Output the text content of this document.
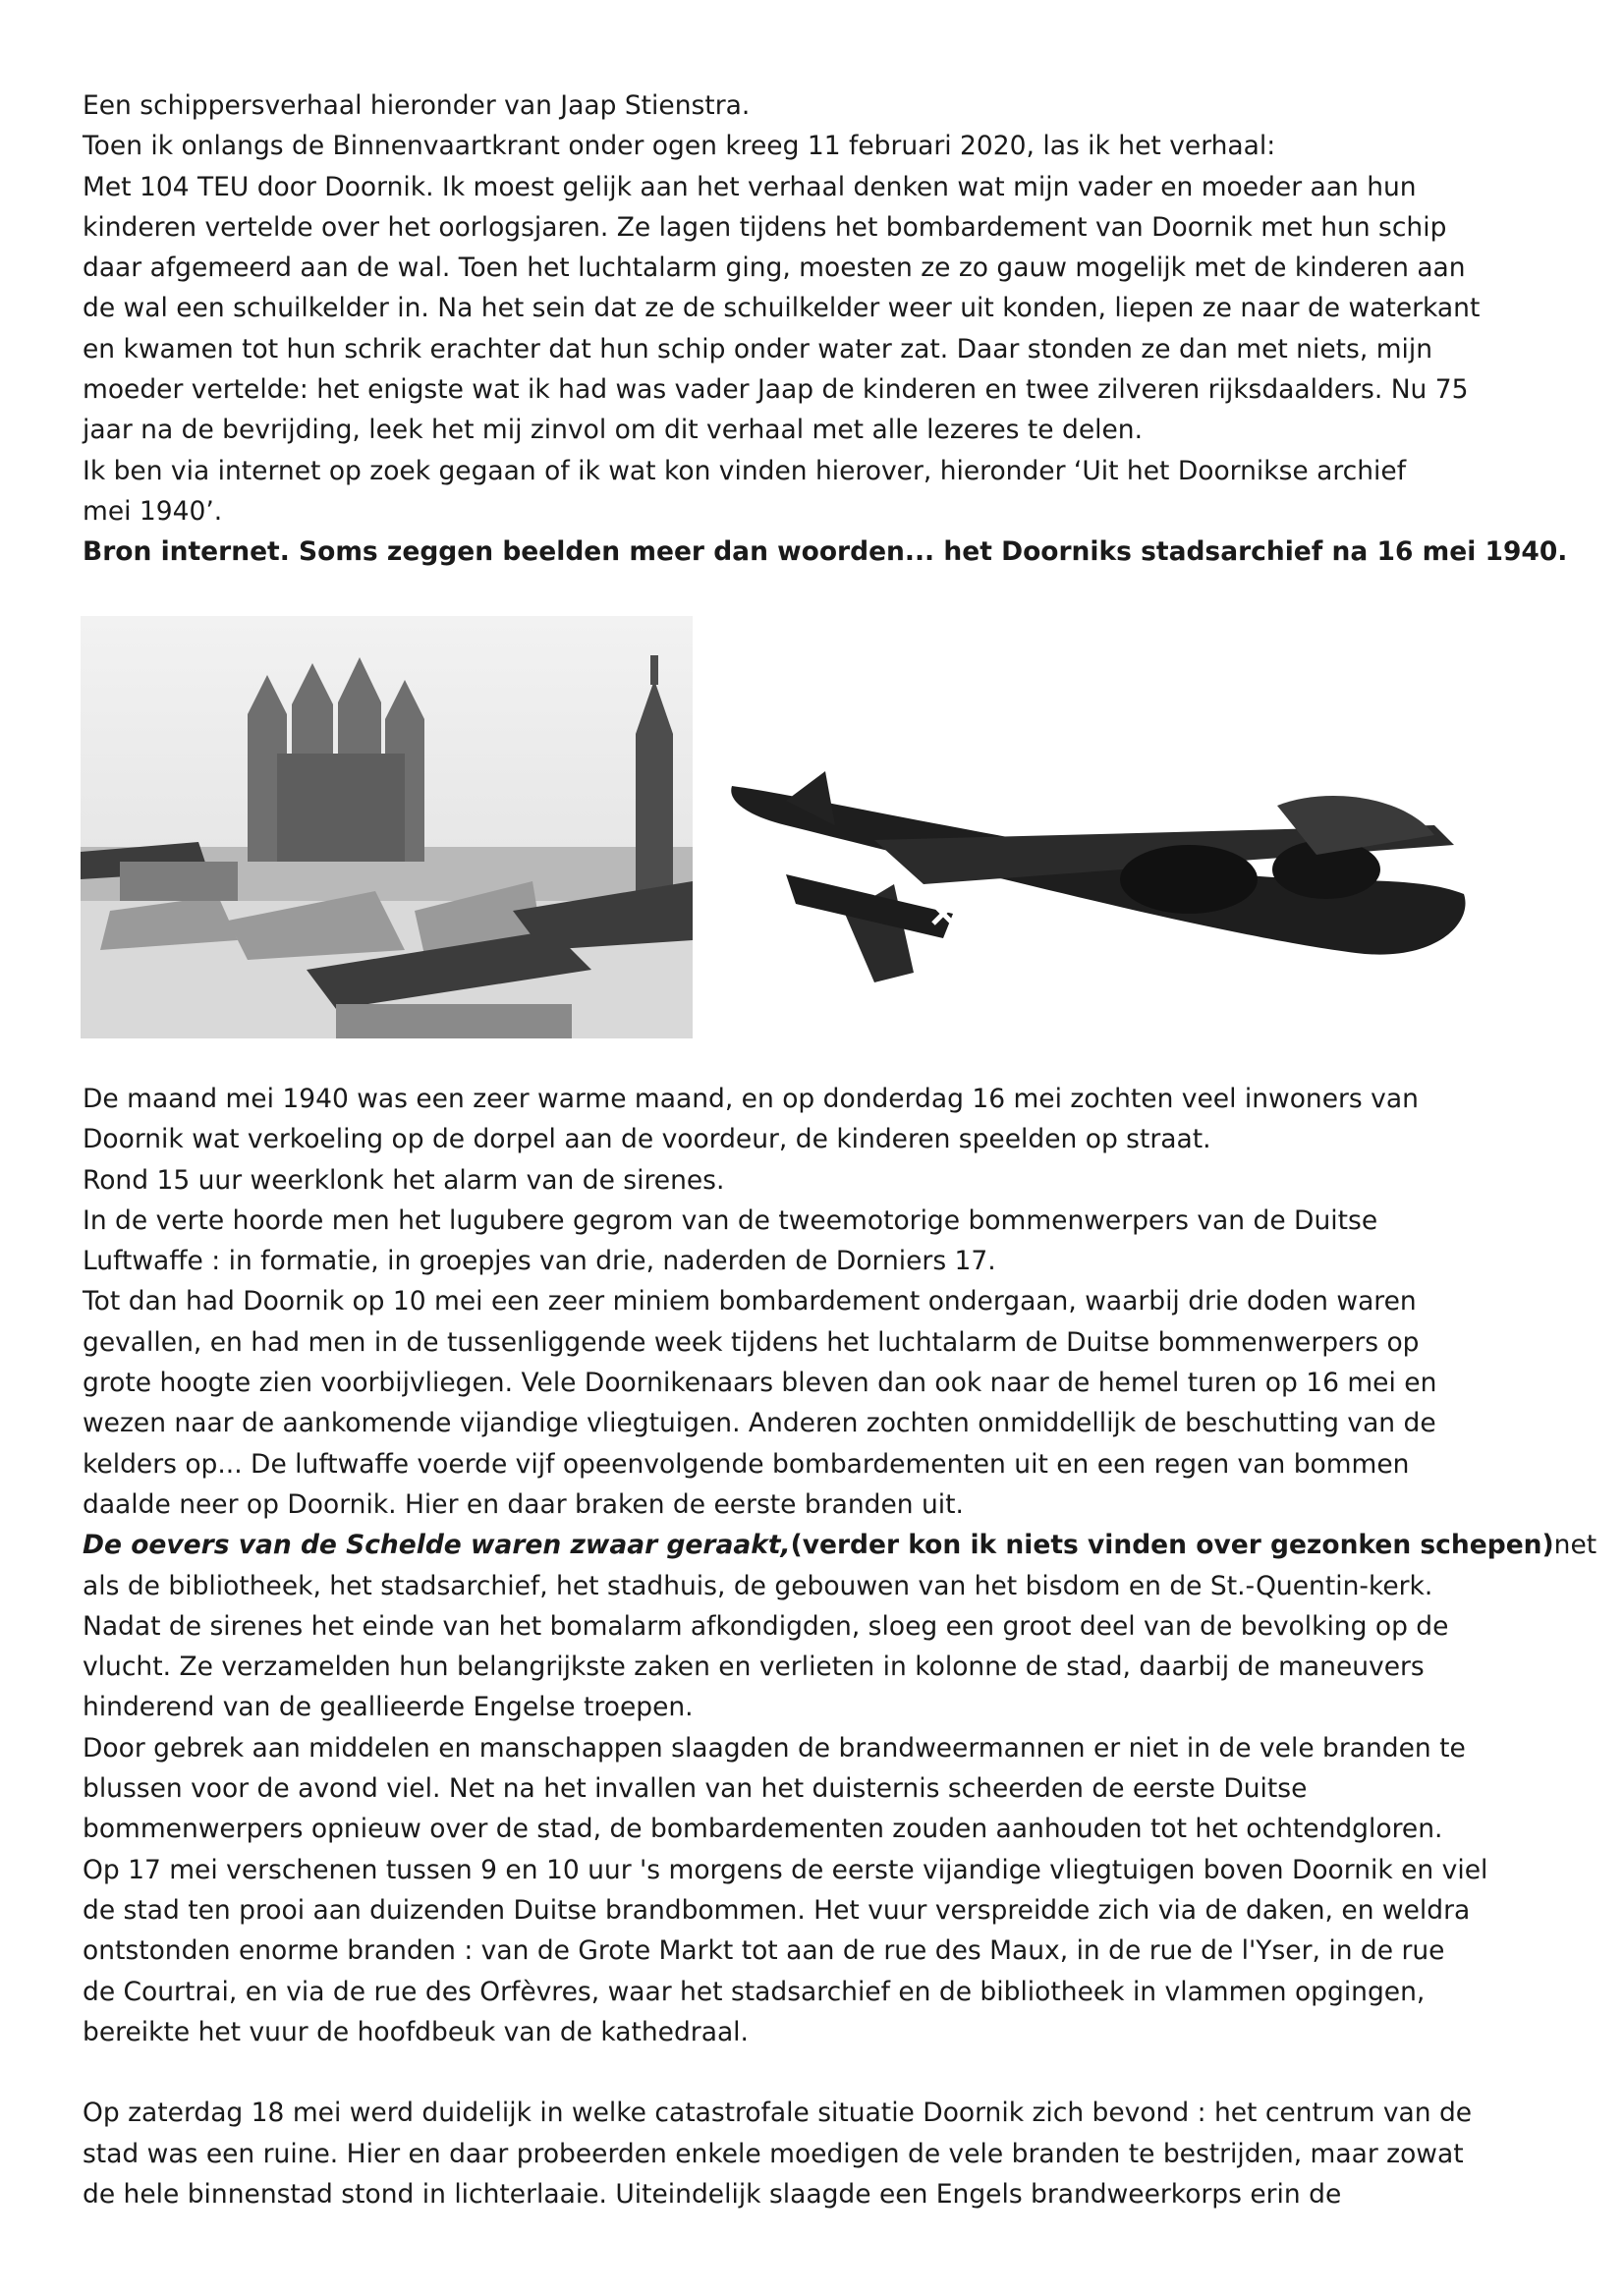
Een schippersverhaal hieronder van Jaap Stienstra.
Toen ik onlangs de Binnenvaartkrant onder ogen kreeg 11 februari 2020, las ik het verhaal:
Met 104 TEU door Doornik. Ik moest gelijk aan het verhaal denken wat mijn vader en moeder aan hun
kinderen vertelde over het oorlogsjaren. Ze lagen tijdens het bombardement van Doornik met hun schip
daar afgemeerd aan de wal. Toen het luchtalarm ging, moesten ze zo gauw mogelijk met de kinderen aan
de wal een schuilkelder in. Na het sein dat ze de schuilkelder weer uit konden, liepen ze naar de waterkant
en kwamen tot hun schrik erachter dat hun schip onder water zat. Daar stonden ze dan met niets, mijn
moeder vertelde: het enigste wat ik had was vader Jaap de kinderen en twee zilveren rijksdaalders. Nu 75
jaar na de bevrijding, leek het mij zinvol om dit verhaal met alle lezeres te delen.
Ik ben via internet op zoek gegaan of ik wat kon vinden hierover, hieronder ‘Uit het Doornikse archief
mei 1940’.
Bron internet. Soms zeggen beelden meer dan woorden... het Doorniks stadsarchief na 16 mei 1940.
De maand mei 1940 was een zeer warme maand, en op donderdag 16 mei zochten veel inwoners van
Doornik wat verkoeling op de dorpel aan de voordeur, de kinderen speelden op straat.
Rond 15 uur weerklonk het alarm van de sirenes.
In de verte hoorde men het lugubere gegrom van de tweemotorige bommenwerpers van de Duitse
Luftwaffe : in formatie, in groepjes van drie, naderden de Dorniers 17.
Tot dan had Doornik op 10 mei een zeer miniem bombardement ondergaan, waarbij drie doden waren
gevallen, en had men in de tussenliggende week tijdens het luchtalarm de Duitse bommenwerpers op
grote hoogte zien voorbijvliegen. Vele Doornikenaars bleven dan ook naar de hemel turen op 16 mei en
wezen naar de aankomende vijandige vliegtuigen. Anderen zochten onmiddellijk de beschutting van de
kelders op... De luftwaffe voerde vijf opeenvolgende bombardementen uit en een regen van bommen
daalde neer op Doornik. Hier en daar braken de eerste branden uit.
De oevers van de Schelde waren zwaar geraakt,(verder kon ik niets vinden over gezonken schepen)net
als de bibliotheek, het stadsarchief, het stadhuis, de gebouwen van het bisdom en de St.-Quentin-kerk.
Nadat de sirenes het einde van het bomalarm afkondigden, sloeg een groot deel van de bevolking op de
vlucht. Ze verzamelden hun belangrijkste zaken en verlieten in kolonne de stad, daarbij de maneuvers
hinderend van de geallieerde Engelse troepen.
Door gebrek aan middelen en manschappen slaagden de brandweermannen er niet in de vele branden te
blussen voor de avond viel. Net na het invallen van het duisternis scheerden de eerste Duitse
bommenwerpers opnieuw over de stad, de bombardementen zouden aanhouden tot het ochtendgloren.
Op 17 mei verschenen tussen 9 en 10 uur 's morgens de eerste vijandige vliegtuigen boven Doornik en viel
de stad ten prooi aan duizenden Duitse brandbommen. Het vuur verspreidde zich via de daken, en weldra
ontstonden enorme branden : van de Grote Markt tot aan de rue des Maux, in de rue de l'Yser, in de rue
de Courtrai, en via de rue des Orfèvres, waar het stadsarchief en de bibliotheek in vlammen opgingen,
bereikte het vuur de hoofdbeuk van de kathedraal.
Op zaterdag 18 mei werd duidelijk in welke catastrofale situatie Doornik zich bevond : het centrum van de
stad was een ruine. Hier en daar probeerden enkele moedigen de vele branden te bestrijden, maar zowat
de hele binnenstad stond in lichterlaaie. Uiteindelijk slaagde een Engels brandweerkorps erin de
